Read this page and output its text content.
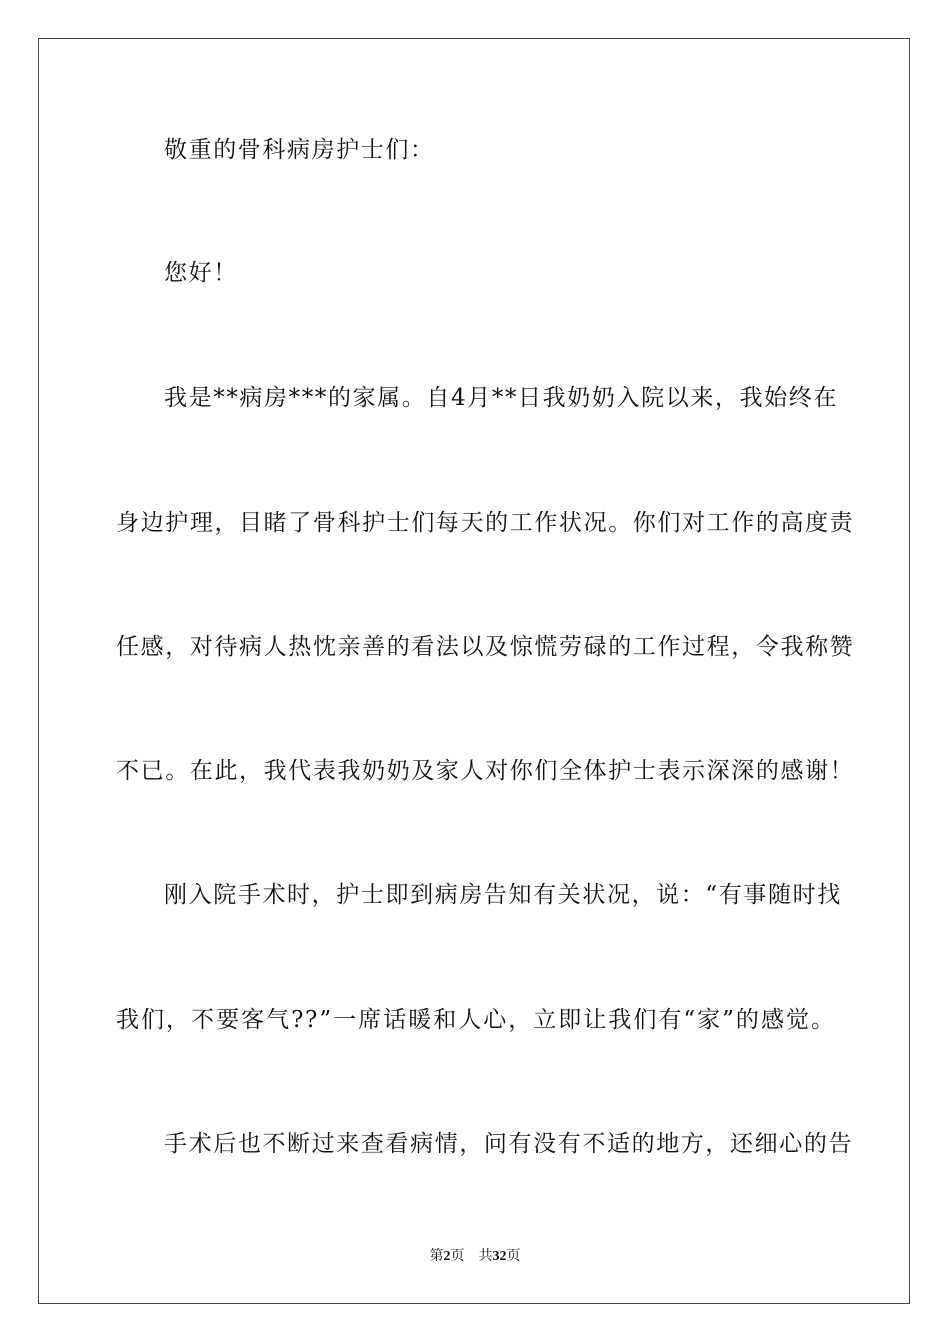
敬重的骨科病房护士们：
您好！
我 是 ** 病 房 *** 的 家 属 。 自 4 月 ** 日 我 奶 奶 入 院 以 来 ， 我 始 终 在
身 边 护 理 ， 目 睹 了 骨 科 护 士 们 每 天 的 工 作 状 况 。 你 们 对 工 作 的 高 度 责
任 感 ， 对 待 病 人 热 忱 亲 善 的 看 法 以 及 惊 慌 劳 碌 的 工 作 过 程 ， 令 我 称 赞
不 已 。 在 此 ， 我 代 表 我 奶 奶 及 家 人 对 你 们 全 体 护 士 表 示 深 深 的 感 谢 ！
刚 入 院 手 术 时 ， 护 士 即 到 病 房 告 知 有 关 状 况 ， 说 ： “ 有 事 随 时 找
我 们 ， 不 要 客 气 ?? ” 一 席 话 暖 和 人 心 ， 立 即 让 我 们 有 “ 家 ” 的 感 觉 。
手 术 后 也 不 断 过 来 查 看 病 情 ， 问 有 没 有 不 适 的 地 方 ， 还 细 心 的 告
第2页 共32页
